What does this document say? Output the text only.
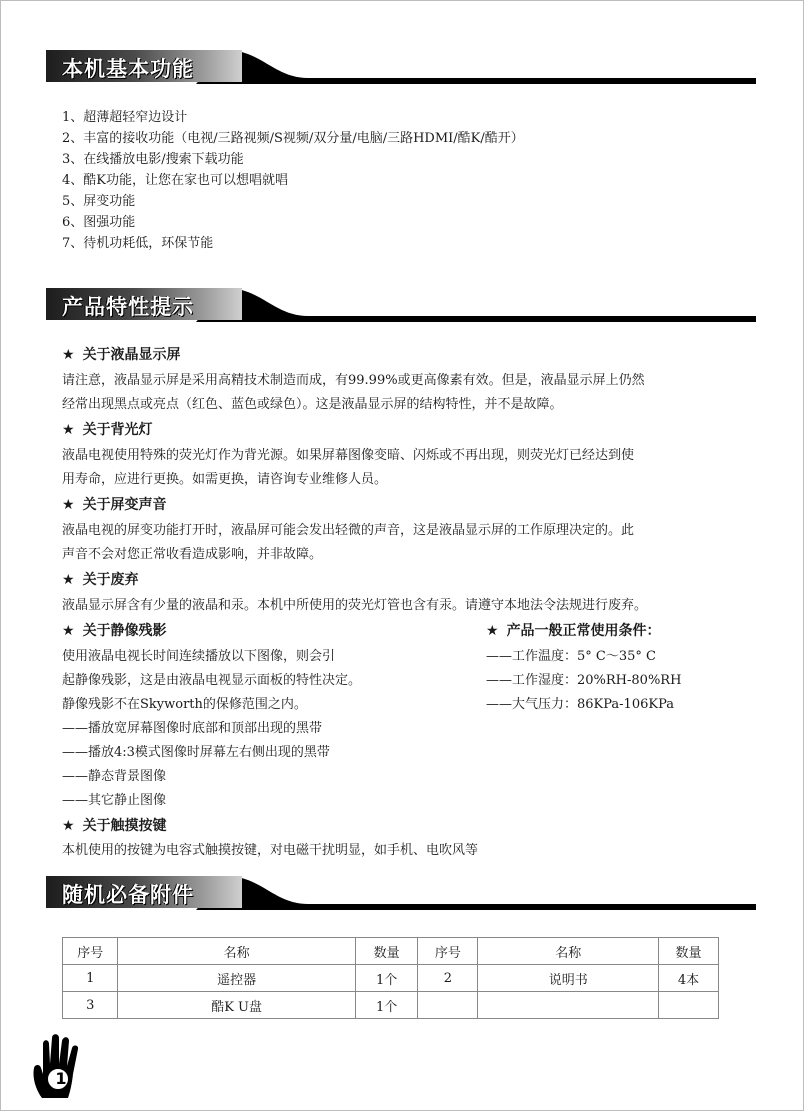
本机基本功能
1、超薄超轻窄边设计
2、丰富的接收功能（电视/三路视频/S视频/双分量/电脑/三路HDMI/酷K/酷开）
3、在线播放电影/搜索下载功能
4、酷K功能，让您在家也可以想唱就唱
5、屏变功能
6、图强功能
7、待机功耗低，环保节能
产品特性提示
★ 关于液晶显示屏
请注意，液晶显示屏是采用高精技术制造而成，有99.99%或更高像素有效。但是，液晶显示屏上仍然
经常出现黑点或亮点（红色、蓝色或绿色）。这是液晶显示屏的结构特性，并不是故障。
★ 关于背光灯
液晶电视使用特殊的荧光灯作为背光源。如果屏幕图像变暗、闪烁或不再出现，则荧光灯已经达到使
用寿命，应进行更换。如需更换，请咨询专业维修人员。
★ 关于屏变声音
液晶电视的屏变功能打开时，液晶屏可能会发出轻微的声音，这是液晶显示屏的工作原理决定的。此
声音不会对您正常收看造成影响，并非故障。
★ 关于废弃
液晶显示屏含有少量的液晶和汞。本机中所使用的荧光灯管也含有汞。请遵守本地法令法规进行废弃。
★ 关于静像残影
使用液晶电视长时间连续播放以下图像，则会引
起静像残影，这是由液晶电视显示面板的特性决定。
静像残影不在Skyworth的保修范围之内。
——播放宽屏幕图像时底部和顶部出现的黑带
——播放4:3模式图像时屏幕左右侧出现的黑带
——静态背景图像
——其它静止图像
★ 产品一般正常使用条件：
——工作温度：5° C～35° C
——工作湿度：20%RH-80%RH
——大气压力：86KPa-106KPa
★ 关于触摸按键
本机使用的按键为电容式触摸按键，对电磁干扰明显，如手机、电吹风等
随机必备附件
序号	名称	数量	序号	名称	数量
1	遥控器	1个	2	说明书	4本
3	酷K U盘	1个			
1
